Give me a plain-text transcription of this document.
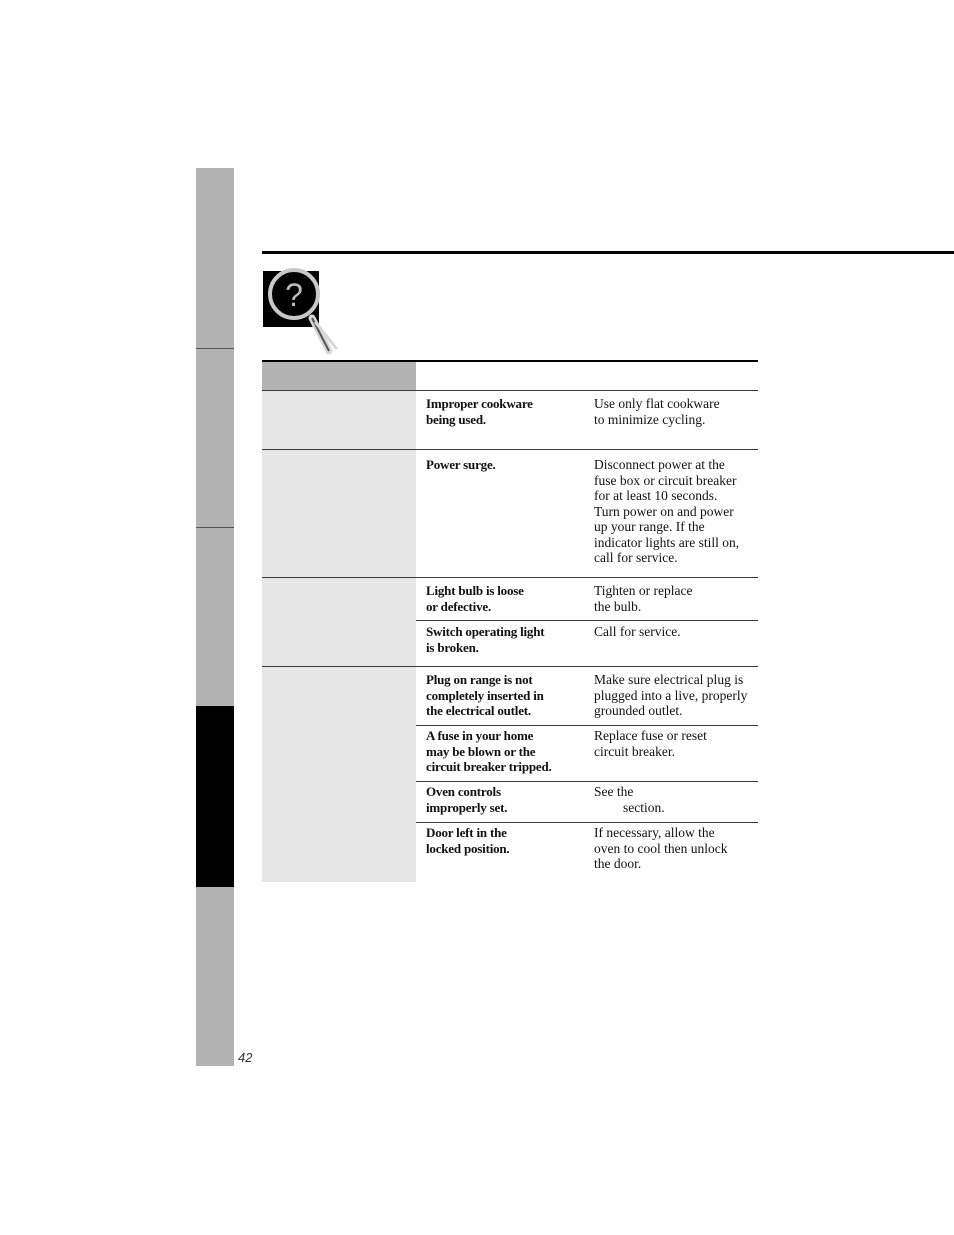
42
?
Improper cookware
being used.
Use only flat cookware
to minimize cycling.
Power surge.	Disconnect power at the
fuse box or circuit breaker
for at least 10 seconds.
Turn power on and power
up your range. If the
indicator lights are still on,
call for service.
Light bulb is loose
or defective.
Tighten or replace
the bulb.
Switch operating light
is broken.
Call for service.
Plug on range is not
completely inserted in
the electrical outlet.
Make sure electrical plug is
plugged into a live, properly
grounded outlet.
A fuse in your home
may be blown or the
circuit breaker tripped.
Replace fuse or reset
circuit breaker.
Oven controls
improperly set.
See the
section.
Door left in the
locked position.
If necessary, allow the
oven to cool then unlock
the door.
